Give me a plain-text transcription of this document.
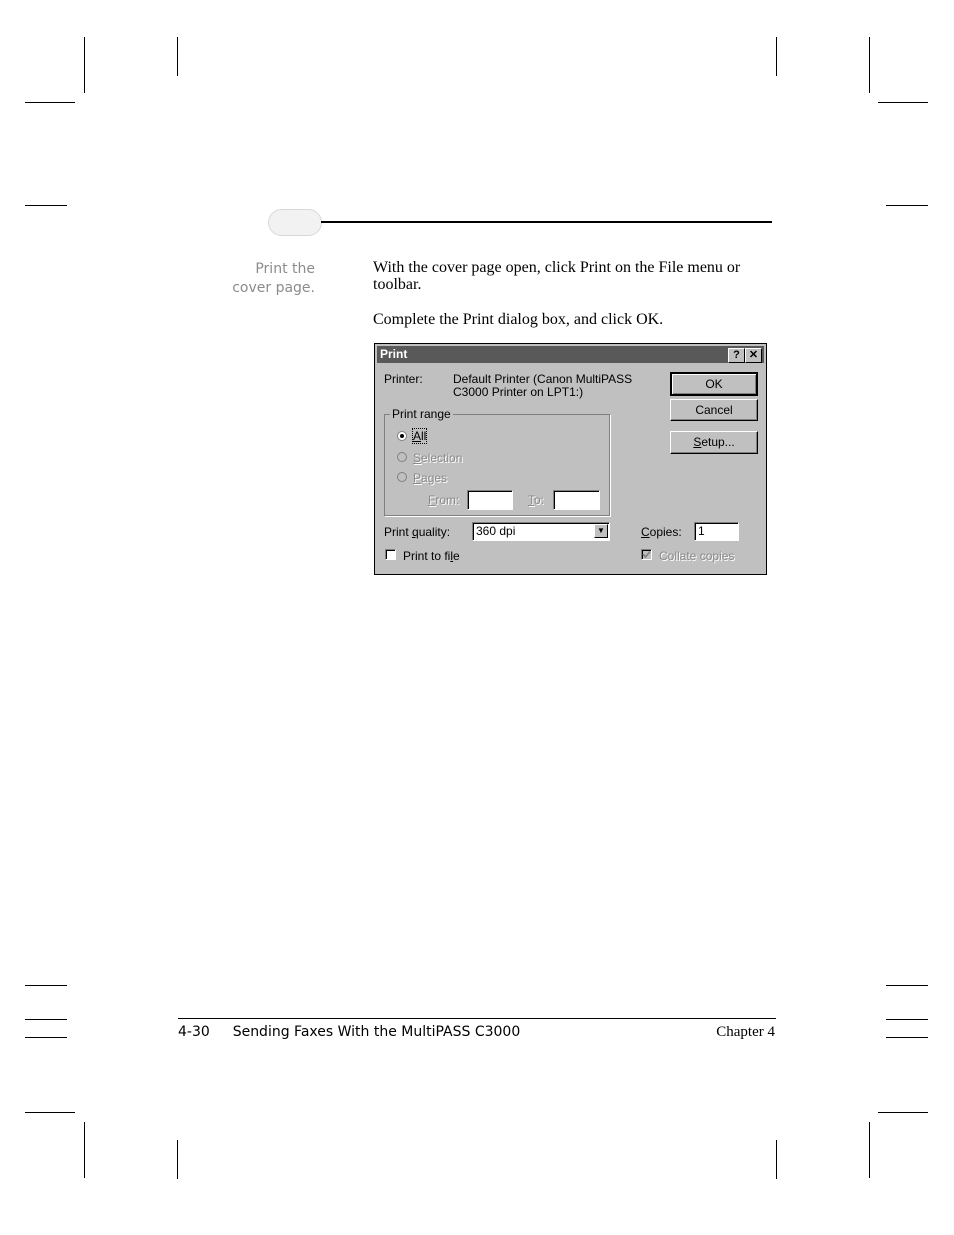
Print the
cover page.
With the cover page open, click Print on the File menu or toolbar.
Complete the Print dialog box, and click OK.
Print	? ✕
Printer:	Default Printer (Canon MultiPASS
C3000 Printer on LPT1:)
OK
Cancel
Setup...
Print range
All
Selection
Pages
From:	To:
Print quality:	360 dpi	▼	Copies:	1
Print to file	Collate copies
4-30 Sending Faxes With the MultiPASS C3000	Chapter 4
